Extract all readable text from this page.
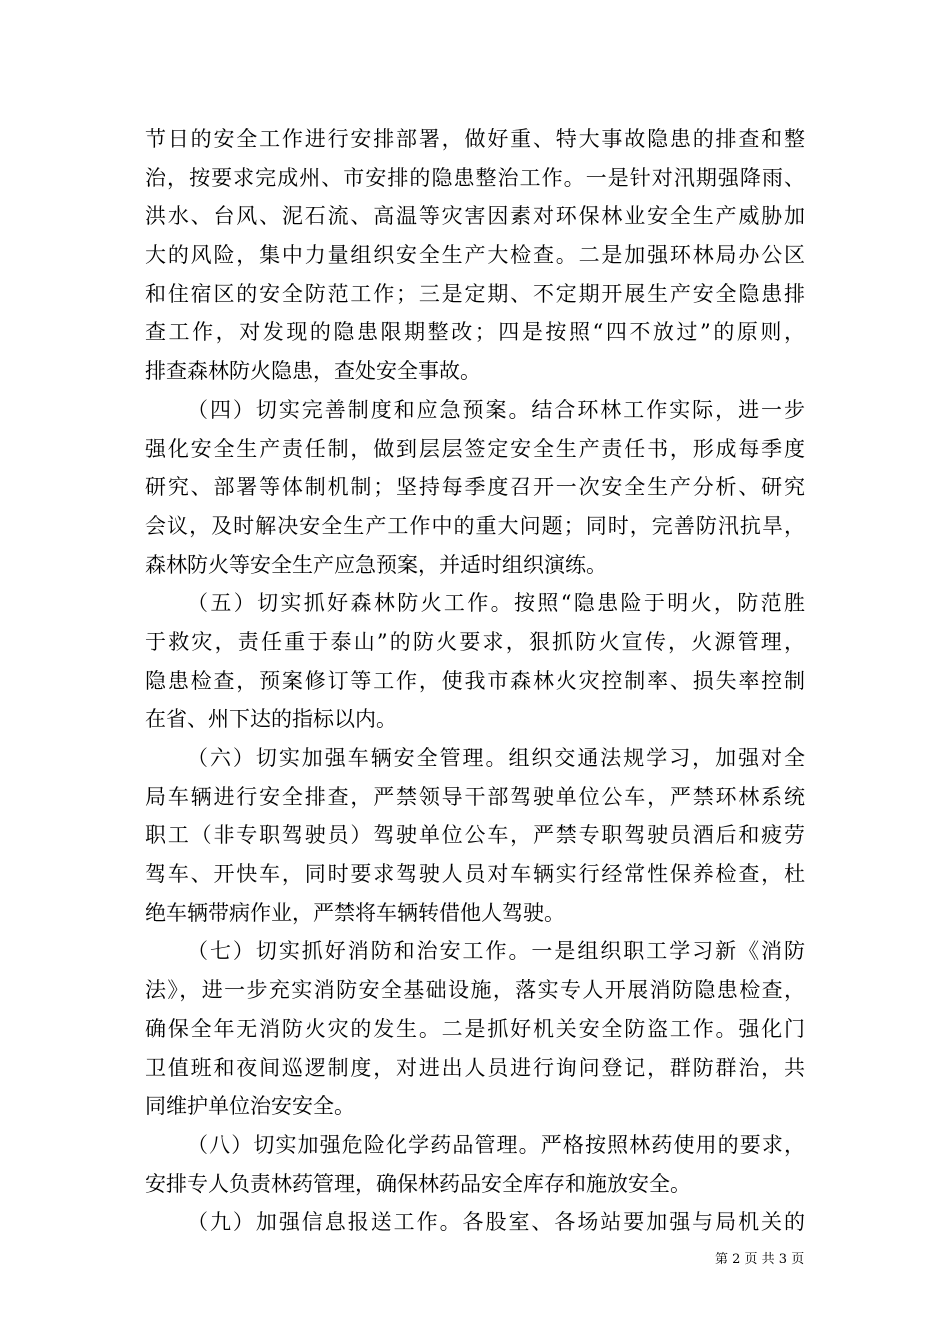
节日的安全工作进行安排部署，做好重、特大事故隐患的排查和整
治，按要求完成州、市安排的隐患整治工作。一是针对汛期强降雨、
洪水、台风、泥石流、高温等灾害因素对环保林业安全生产威胁加
大的风险，集中力量组织安全生产大检查。二是加强环林局办公区
和住宿区的安全防范工作；三是定期、不定期开展生产安全隐患排
查工作，对发现的隐患限期整改；四是按照“四不放过”的原则，
排查森林防火隐患，查处安全事故。
（四）切实完善制度和应急预案。结合环林工作实际，进一步
强化安全生产责任制，做到层层签定安全生产责任书，形成每季度
研究、部署等体制机制；坚持每季度召开一次安全生产分析、研究
会议，及时解决安全生产工作中的重大问题；同时，完善防汛抗旱，
森林防火等安全生产应急预案，并适时组织演练。
（五）切实抓好森林防火工作。按照“隐患险于明火，防范胜
于救灾，责任重于泰山”的防火要求，狠抓防火宣传，火源管理，
隐患检查，预案修订等工作，使我市森林火灾控制率、损失率控制
在省、州下达的指标以内。
（六）切实加强车辆安全管理。组织交通法规学习，加强对全
局车辆进行安全排查，严禁领导干部驾驶单位公车，严禁环林系统
职工（非专职驾驶员）驾驶单位公车，严禁专职驾驶员酒后和疲劳
驾车、开快车，同时要求驾驶人员对车辆实行经常性保养检查，杜
绝车辆带病作业，严禁将车辆转借他人驾驶。
（七）切实抓好消防和治安工作。一是组织职工学习新《消防
法》，进一步充实消防安全基础设施，落实专人开展消防隐患检查，
确保全年无消防火灾的发生。二是抓好机关安全防盗工作。强化门
卫值班和夜间巡逻制度，对进出人员进行询问登记，群防群治，共
同维护单位治安安全。
（八）切实加强危险化学药品管理。严格按照林药使用的要求，
安排专人负责林药管理，确保林药品安全库存和施放安全。
（九）加强信息报送工作。各股室、各场站要加强与局机关的
第 2 页 共 3 页
